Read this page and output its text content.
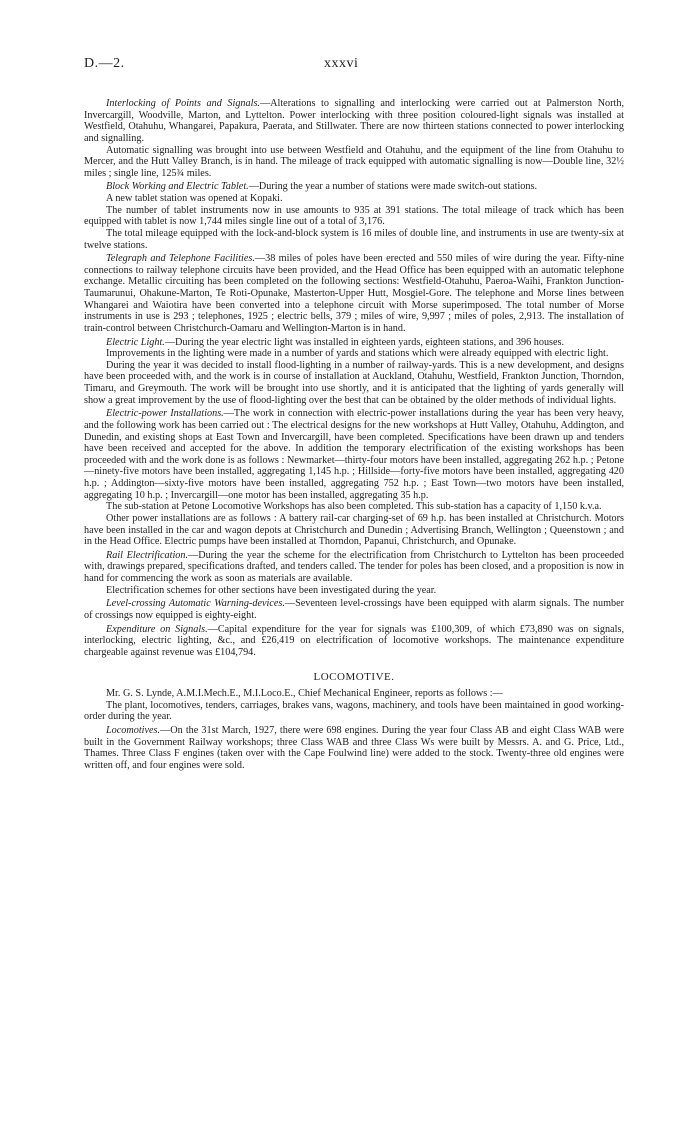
D.—2.	xxxvi

Interlocking of Points and Signals.—Alterations to signalling and interlocking were carried out at Palmerston North, Invercargill, Woodville, Marton, and Lyttelton. Power interlocking with three position coloured-light signals was installed at Westfield, Otahuhu, Whangarei, Papakura, Paerata, and Stillwater. There are now thirteen stations connected to power interlocking and signalling.

Automatic signalling was brought into use between Westfield and Otahuhu, and the equipment of the line from Otahuhu to Mercer, and the Hutt Valley Branch, is in hand. The mileage of track equipped with automatic signalling is now—Double line, 32½ miles ; single line, 125¾ miles.

Block Working and Electric Tablet.—During the year a number of stations were made switch-out stations.

A new tablet station was opened at Kopaki.

The number of tablet instruments now in use amounts to 935 at 391 stations. The total mileage of track which has been equipped with tablet is now 1,744 miles single line out of a total of 3,176.

The total mileage equipped with the lock-and-block system is 16 miles of double line, and instruments in use are twenty-six at twelve stations.

Telegraph and Telephone Facilities.—38 miles of poles have been erected and 550 miles of wire during the year. Fifty-nine connections to railway telephone circuits have been provided, and the Head Office has been equipped with an automatic telephone exchange. Metallic circuiting has been completed on the following sections: Westfield-Otahuhu, Paeroa-Waihi, Frankton Junction-Taumarunui, Ohakune-Marton, Te Roti-Opunake, Masterton-Upper Hutt, Mosgiel-Gore. The telephone and Morse lines between Whangarei and Waiotira have been converted into a telephone circuit with Morse superimposed. The total number of Morse instruments in use is 293 ; telephones, 1925 ; electric bells, 379 ; miles of wire, 9,997 ; miles of poles, 2,913. The installation of train-control between Christchurch-Oamaru and Wellington-Marton is in hand.

Electric Light.—During the year electric light was installed in eighteen yards, eighteen stations, and 396 houses.

Improvements in the lighting were made in a number of yards and stations which were already equipped with electric light.

During the year it was decided to install flood-lighting in a number of railway-yards. This is a new development, and designs have been proceeded with, and the work is in course of installation at Auckland, Otahuhu, Westfield, Frankton Junction, Thorndon, Timaru, and Greymouth. The work will be brought into use shortly, and it is anticipated that the lighting of yards generally will show a great improvement by the use of flood-lighting over the best that can be obtained by the older methods of individual lights.

Electric-power Installations.—The work in connection with electric-power installations during the year has been very heavy, and the following work has been carried out : The electrical designs for the new workshops at Hutt Valley, Otahuhu, Addington, and Dunedin, and existing shops at East Town and Invercargill, have been completed. Specifications have been drawn up and tenders have been received and accepted for the above. In addition the temporary electrification of the existing workshops has been proceeded with and the work done is as follows : Newmarket—thirty-four motors have been installed, aggregating 262 h.p. ; Petone—ninety-five motors have been installed, aggregating 1,145 h.p. ; Hillside—forty-five motors have been installed, aggregating 420 h.p. ; Addington—sixty-five motors have been installed, aggregating 752 h.p. ; East Town—two motors have been installed, aggregating 10 h.p. ; Invercargill—one motor has been installed, aggregating 35 h.p.

The sub-station at Petone Locomotive Workshops has also been completed. This sub-station has a capacity of 1,150 k.v.a.

Other power installations are as follows : A battery rail-car charging-set of 69 h.p. has been installed at Christchurch. Motors have been installed in the car and wagon depots at Christchurch and Dunedin ; Advertising Branch, Wellington ; Queenstown ; and in the Head Office. Electric pumps have been installed at Thorndon, Papanui, Christchurch, and Opunake.

Rail Electrification.—During the year the scheme for the electrification from Christchurch to Lyttelton has been proceeded with, drawings prepared, specifications drafted, and tenders called. The tender for poles has been closed, and a proposition is now in hand for commencing the work as soon as materials are available.

Electrification schemes for other sections have been investigated during the year.

Level-crossing Automatic Warning-devices.—Seventeen level-crossings have been equipped with alarm signals. The number of crossings now equipped is eighty-eight.

Expenditure on Signals.—Capital expenditure for the year for signals was £100,309, of which £73,890 was on signals, interlocking, electric lighting, &c., and £26,419 on electrification of locomotive workshops. The maintenance expenditure chargeable against revenue was £104,794.

LOCOMOTIVE.

Mr. G. S. Lynde, A.M.I.Mech.E., M.I.Loco.E., Chief Mechanical Engineer, reports as follows :—

The plant, locomotives, tenders, carriages, brakes vans, wagons, machinery, and tools have been maintained in good working-order during the year.

Locomotives.—On the 31st March, 1927, there were 698 engines. During the year four Class AB and eight Class WAB were built in the Government Railway workshops; three Class WAB and three Class Ws were built by Messrs. A. and G. Price, Ltd., Thames. Three Class F engines (taken over with the Cape Foulwind line) were added to the stock. Twenty-three old engines were written off, and four engines were sold.
